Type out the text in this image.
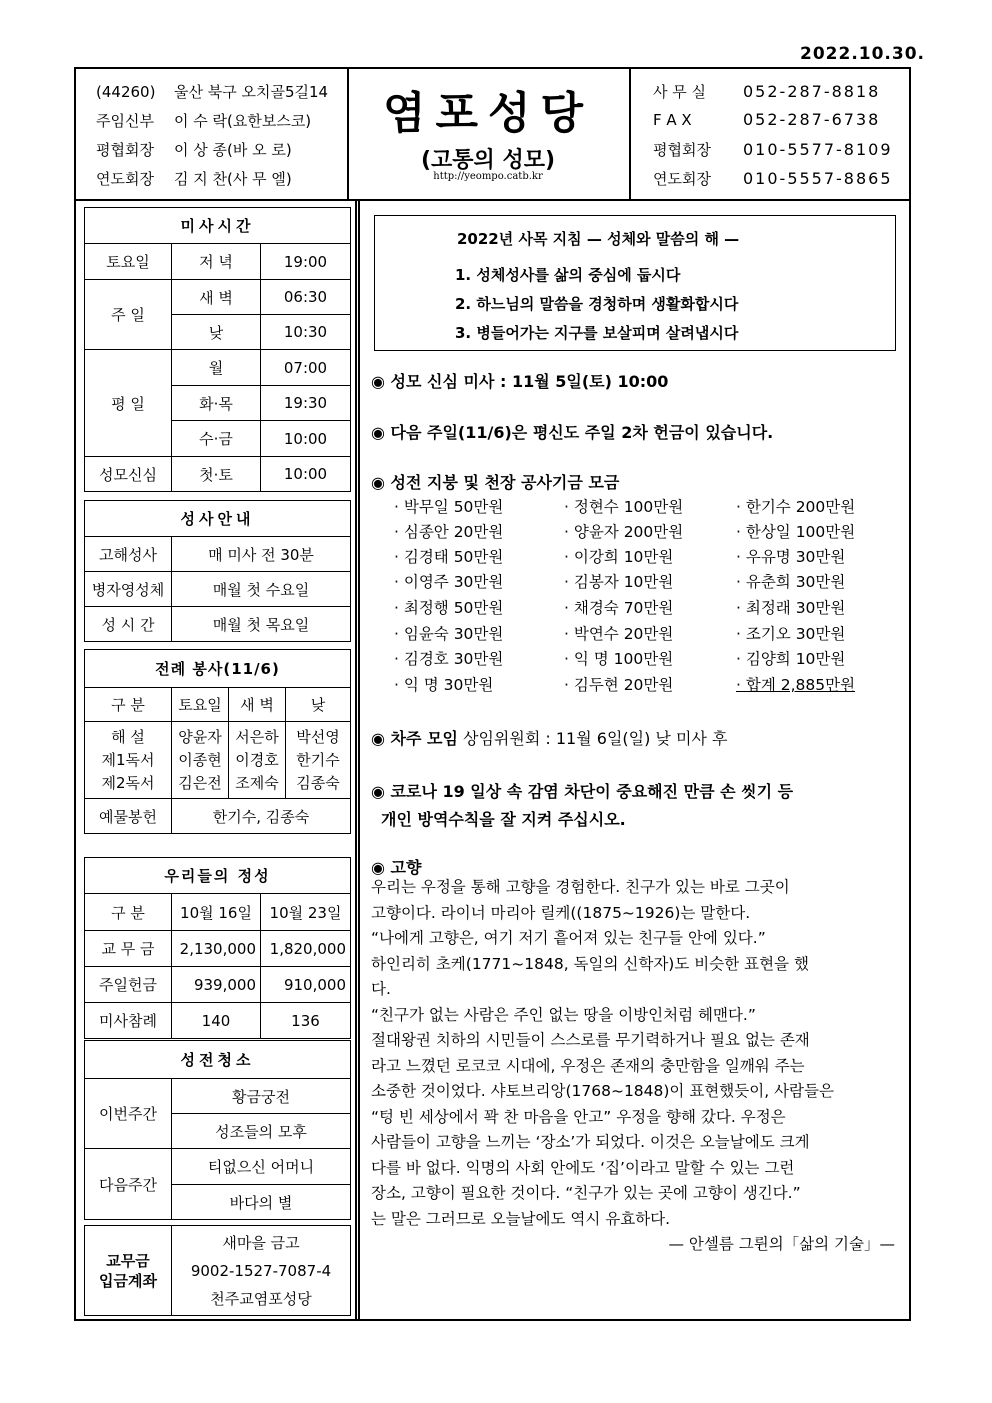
2022.10.30.
(44260) 울산 북구 오치골5길14
주임신부 이 수 락(요한보스코)
평협회장 이 상 종(바 오 로)
연도회장 김 지 찬(사 무 엘)
염포성당
(고통의 성모)
http://yeompo.catb.kr
사 무 실 052-287-8818
F A X	052-287-6738
평협회장 010-5577-8109
연도회장 010-5557-8865
미사시간		
토요일	저 녁	19:00
주 일	새 벽	06:30
	낮	10:30
평 일	월	07:00
	화·목	19:30
	수·금	10:00
성모신심	첫·토	10:00
성사안내	
고해성사	매 미사 전 30분
병자영성체	매월 첫 수요일
성 시 간	매월 첫 목요일
전례 봉사(11/6)			
구 분	토요일	새 벽	낮
해 설	양윤자	서은하	박선영
제1독서	이종현	이경호	한기수
제2독서	김은전	조제숙	김종숙
예물봉헌	한기수, 김종숙		
우리들의 정성		
구 분	10월 16일	10월 23일
교 무 금	2,130,000	1,820,000
주일헌금	939,000	910,000
미사참례	140	136
성전청소	
이번주간	황금궁전
	성조들의 모후
다음주간	티없으신 어머니
	바다의 별
교무금
입금계좌

새마을 금고
9002-1527-7087-4
천주교염포성당
2022년 사목 지침 — 성체와 말씀의 해 —
1. 성체성사를 삶의 중심에 둡시다
2. 하느님의 말씀을 경청하며 생활화합시다
3. 병들어가는 지구를 보살피며 살려냅시다
◉ 성모 신심 미사 : 11월 5일(토) 10:00
◉ 다음 주일(11/6)은 평신도 주일 2차 헌금이 있습니다.
◉ 성전 지붕 및 천장 공사기금 모금
· 박무일 50만원	· 정현수 100만원	· 한기수 200만원
· 심종안 20만원	· 양윤자 200만원	· 한상일 100만원
· 김경태 50만원	· 이강희 10만원	· 우유명 30만원
· 이영주 30만원	· 김봉자 10만원	· 유춘희 30만원
· 최정행 50만원	· 채경숙 70만원	· 최정래 30만원
· 임윤숙 30만원	· 박연수 20만원	· 조기오 30만원
· 김경호 30만원	· 익 명 100만원	· 김양희 10만원
· 익 명 30만원	· 김두현 20만원	· 합계 2,885만원
◉ 차주 모임 상임위원회 : 11월 6일(일) 낮 미사 후
◉ 코로나 19 일상 속 감염 차단이 중요해진 만큼 손 씻기 등
개인 방역수칙을 잘 지켜 주십시오.
◉ 고향
우리는 우정을 통해 고향을 경험한다. 친구가 있는 바로 그곳이
고향이다. 라이너 마리아 릴케((1875~1926)는 말한다.
“나에게 고향은, 여기 저기 흩어져 있는 친구들 안에 있다.”
하인리히 초케(1771~1848, 독일의 신학자)도 비슷한 표현을 했
다.
“친구가 없는 사람은 주인 없는 땅을 이방인처럼 헤맨다.”
절대왕권 치하의 시민들이 스스로를 무기력하거나 필요 없는 존재
라고 느꼈던 로코코 시대에, 우정은 존재의 충만함을 일깨워 주는
소중한 것이었다. 샤토브리앙(1768~1848)이 표현했듯이, 사람들은
“텅 빈 세상에서 꽉 찬 마음을 안고” 우정을 향해 갔다. 우정은
사람들이 고향을 느끼는 ‘장소’가 되었다. 이것은 오늘날에도 크게
다를 바 없다. 익명의 사회 안에도 ‘집’이라고 말할 수 있는 그런
장소, 고향이 필요한 것이다. “친구가 있는 곳에 고향이 생긴다.”
는 말은 그러므로 오늘날에도 역시 유효하다.
— 안셀름 그륀의「삶의 기술」—
